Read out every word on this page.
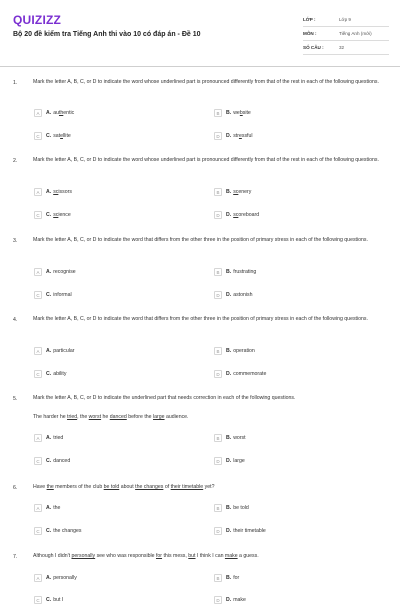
QUIZIZZ
Bộ 20 đề kiểm tra Tiếng Anh thi vào 10 có đáp án - Đề 10
LỚP :	Lớp 9
MÔN :	Tiếng Anh (mới)
SỐ CÂU :	32
1.	Mark the letter A, B, C, or D to indicate the word whose underlined part is pronounced differently from that of the rest in each of the following questions.
A	A. au th entic	B	B. we b site
C	C. sat e llite	D	D. str e ssful
2.	Mark the letter A, B, C, or D to indicate the word whose underlined part is pronounced differently from that of the rest in each of the following questions.
A	A. sc issors	B	B. sc enery
C	C. sc ience	D	D. sc oreboard
3.	Mark the letter A, B, C, or D to indicate the word that differs from the other three in the position of primary stress in each of the following questions.
A	A. recognise	B	B. frustrating
C	C. informal	D	D. astonish
4.	Mark the letter A, B, C, or D to indicate the word that differs from the other three in the position of primary stress in each of the following questions.
A	A. particular	B	B. operation
C	C. ability	D	D. commemorate
5.	Mark the letter A, B, C, or D to indicate the underlined part that needs correction in each of the following questions.
The harder he tried, the worst he danced before the large audience.
A	A. tried	B	B. worst
C	C. danced	D	D. large
6.	Have the members of the club be told about the changes of their timetable yet?
A	A. the	B	B. be told
C	C. the changes	D	D. their timetable
7.	Although I didn't personally see who was responsible for this mess, but I think I can make a guess.
A	A. personally	B	B. for
C	C. but I	D	D. make
